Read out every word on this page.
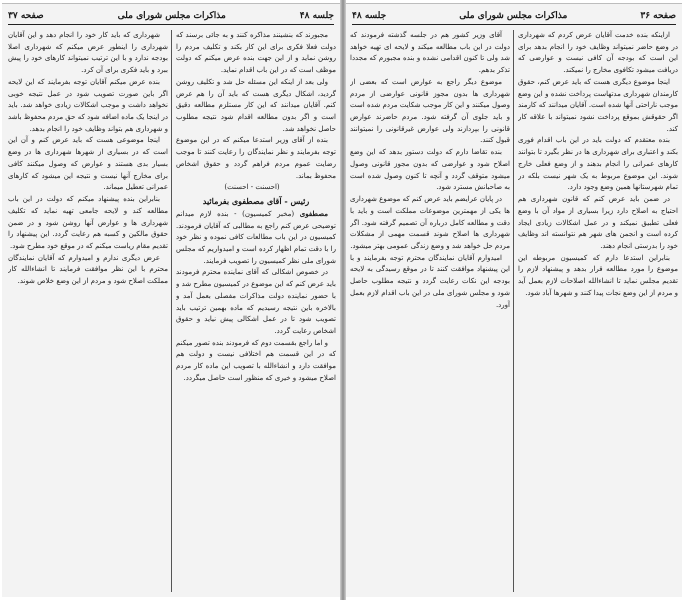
جلسه ۴۸
مذاکرات مجلس شورای ملی
صفحه ۳۷

مجبورند که بنشینند مذاکره کنند و به جائی برسند که دولت فعلا فکری برای این کار بکند و تکلیف مردم را روشن نماید و از این جهت بنده عرض میکنم که دولت موظف است که در این باب اقدام نماید.

ولی بعد از اینکه این مسئله حل شد و تکلیف روشن گردید، اشکال دیگری هست که باید آن را هم عرض کنم. آقایان میدانند که این کار مستلزم مطالعه دقیق است و اگر بدون مطالعه اقدام شود نتیجه مطلوب حاصل نخواهد شد.

بنده از آقای وزیر استدعا میکنم که در این موضوع توجه بفرمایند و نظر نمایندگان را رعایت کنند تا موجب رضایت عموم مردم فراهم گردد و حقوق اشخاص محفوظ بماند.

(احسنت - احسنت)

رئیس - آقای مصطفوی بفرمائید

مصطفوی (مخبر کمیسیون) - بنده لازم میدانم توضیحی عرض کنم راجع به مطالبی که آقایان فرمودند. کمیسیون در این باب مطالعات کافی نموده و نظر خود را با دقت تمام اظهار کرده است و امیدواریم که مجلس شورای ملی نظر کمیسیون را تصویب فرمایند.

در خصوص اشکالی که آقای نماینده محترم فرمودند باید عرض کنم که این موضوع در کمیسیون مطرح شد و با حضور نماینده دولت مذاکرات مفصلی بعمل آمد و بالاخره باین نتیجه رسیدیم که ماده بهمین ترتیب باید تصویب شود تا در عمل اشکالی پیش نیاید و حقوق اشخاص رعایت گردد.

و اما راجع بقسمت دوم که فرمودند بنده تصور میکنم که در این قسمت هم اختلافی نیست و دولت هم موافقت دارد و انشاءالله با تصویب این ماده کار مردم اصلاح میشود و خیری که منظور است حاصل میگردد.

شهرداری که باید کار خود را انجام دهد و این آقایان شهرداری را اینطور عرض میکنم که شهرداری اصلا بودجه ندارد و با این ترتیب نمیتواند کارهای خود را پیش ببرد و باید فکری برای آن کرد.

بنده عرض میکنم آقایان توجه بفرمایند که این لایحه اگر باین صورت تصویب شود در عمل نتیجه خوبی نخواهد داشت و موجب اشکالات زیادی خواهد شد. باید در اینجا یک ماده اضافه شود که حق مردم محفوظ باشد و شهرداری هم بتواند وظایف خود را انجام بدهد.

اینجا موضوعی هست که باید عرض کنم و آن این است که در بسیاری از شهرها شهرداری ها در وضع بسیار بدی هستند و عوارض که وصول میکنند کافی برای مخارج آنها نیست و نتیجه این میشود که کارهای عمرانی تعطیل میماند.

بنابراین بنده پیشنهاد میکنم که دولت در این باب مطالعه کند و لایحه جامعی تهیه نماید که تکلیف شهرداری ها و عوارض آنها روشن شود و در ضمن حقوق مالکین و کسبه هم رعایت گردد. این پیشنهاد را تقدیم مقام ریاست میکنم که در موقع خود مطرح شود.

عرض دیگری ندارم و امیدوارم که آقایان نمایندگان محترم با این نظر موافقت فرمایند تا انشاءالله کار مملکت اصلاح شود و مردم از این وضع خلاص شوند.

صفحه ۳۶
مذاکرات مجلس شورای ملی
جلسه ۴۸

ازاینکه بنده خدمت آقایان عرض کردم که شهرداری در وضع حاضر نمیتواند وظایف خود را انجام بدهد برای این است که بودجه آن کافی نیست و عوارضی که دریافت میشود تکافوی مخارج را نمیکند.

اینجا موضوع دیگری هست که باید عرض کنم، حقوق کارمندان شهرداری مدتهاست پرداخت نشده و این وضع موجب ناراحتی آنها شده است. آقایان میدانند که کارمند اگر حقوقش بموقع پرداخت نشود نمیتواند با علاقه کار کند.

بنده معتقدم که دولت باید در این باب اقدام فوری بکند و اعتباری برای شهرداری ها در نظر بگیرد تا بتوانند کارهای عمرانی را انجام بدهند و از وضع فعلی خارج شوند. این موضوع مربوط به یک شهر نیست بلکه در تمام شهرستانها همین وضع وجود دارد.

در ضمن باید عرض کنم که قانون شهرداری هم احتیاج به اصلاح دارد زیرا بسیاری از مواد آن با وضع فعلی تطبیق نمیکند و در عمل اشکالات زیادی ایجاد کرده است و انجمن های شهر هم نتوانسته اند وظایف خود را بدرستی انجام دهند.

بنابراین استدعا دارم که کمیسیون مربوطه این موضوع را مورد مطالعه قرار بدهد و پیشنهاد لازم را تقدیم مجلس نماید تا انشاءالله اصلاحات لازم بعمل آید و مردم از این وضع نجات پیدا کنند و شهرها آباد شود.

آقای وزیر کشور هم در جلسه گذشته فرمودند که دولت در این باب مطالعه میکند و لایحه ای تهیه خواهد شد ولی تا کنون اقدامی نشده و بنده مجبورم که مجددا تذکر بدهم.

موضوع دیگر راجع به عوارض است که بعضی از شهرداری ها بدون مجوز قانونی عوارضی از مردم وصول میکنند و این کار موجب شکایت مردم شده است و باید جلوی آن گرفته شود. مردم حاضرند عوارض قانونی را بپردازند ولی عوارض غیرقانونی را نمیتوانند قبول کنند.

بنده تقاضا دارم که دولت دستور بدهد که این وضع اصلاح شود و عوارضی که بدون مجوز قانونی وصول میشود متوقف گردد و آنچه تا کنون وصول شده است به صاحبانش مسترد شود.

در پایان عرایضم باید عرض کنم که موضوع شهرداری ها یکی از مهمترین موضوعات مملکت است و باید با دقت و مطالعه کامل درباره آن تصمیم گرفته شود. اگر شهرداری ها اصلاح شوند قسمت مهمی از مشکلات مردم حل خواهد شد و وضع زندگی عمومی بهتر میشود.

امیدوارم آقایان نمایندگان محترم توجه بفرمایند و با این پیشنهاد موافقت کنند تا در موقع رسیدگی به لایحه بودجه این نکات رعایت گردد و نتیجه مطلوب حاصل شود و مجلس شورای ملی در این باب اقدام لازم بعمل آورد.
